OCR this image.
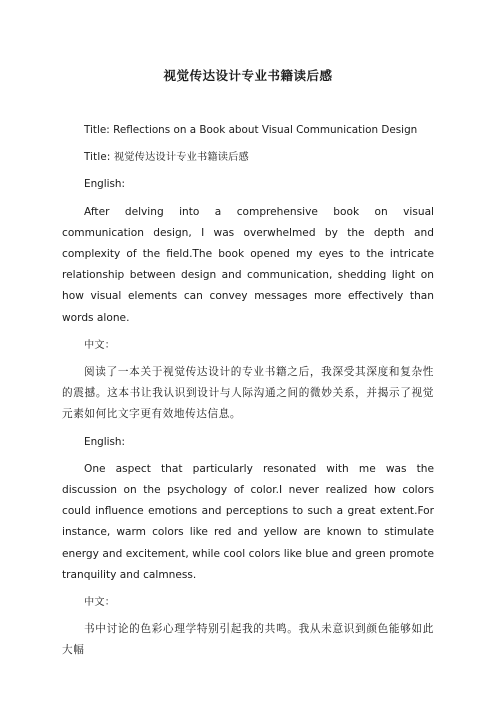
视觉传达设计专业书籍读后感

Title: Reflections on a Book about Visual Communication Design

Title: 视觉传达设计专业书籍读后感

English:

After delving into a comprehensive book on visual communication design, I was overwhelmed by the depth and complexity of the field.The book opened my eyes to the intricate relationship between design and communication, shedding light on how visual elements can convey messages more effectively than words alone.

中文：

阅读了一本关于视觉传达设计的专业书籍之后，我深受其深度和复杂性的震撼。这本书让我认识到设计与人际沟通之间的微妙关系，并揭示了视觉元素如何比文字更有效地传达信息。

English:

One aspect that particularly resonated with me was the discussion on the psychology of color.I never realized how colors could influence emotions and perceptions to such a great extent.For instance, warm colors like red and yellow are known to stimulate energy and excitement, while cool colors like blue and green promote tranquility and calmness.

中文：

书中讨论的色彩心理学特别引起我的共鸣。我从未意识到颜色能够如此大幅
